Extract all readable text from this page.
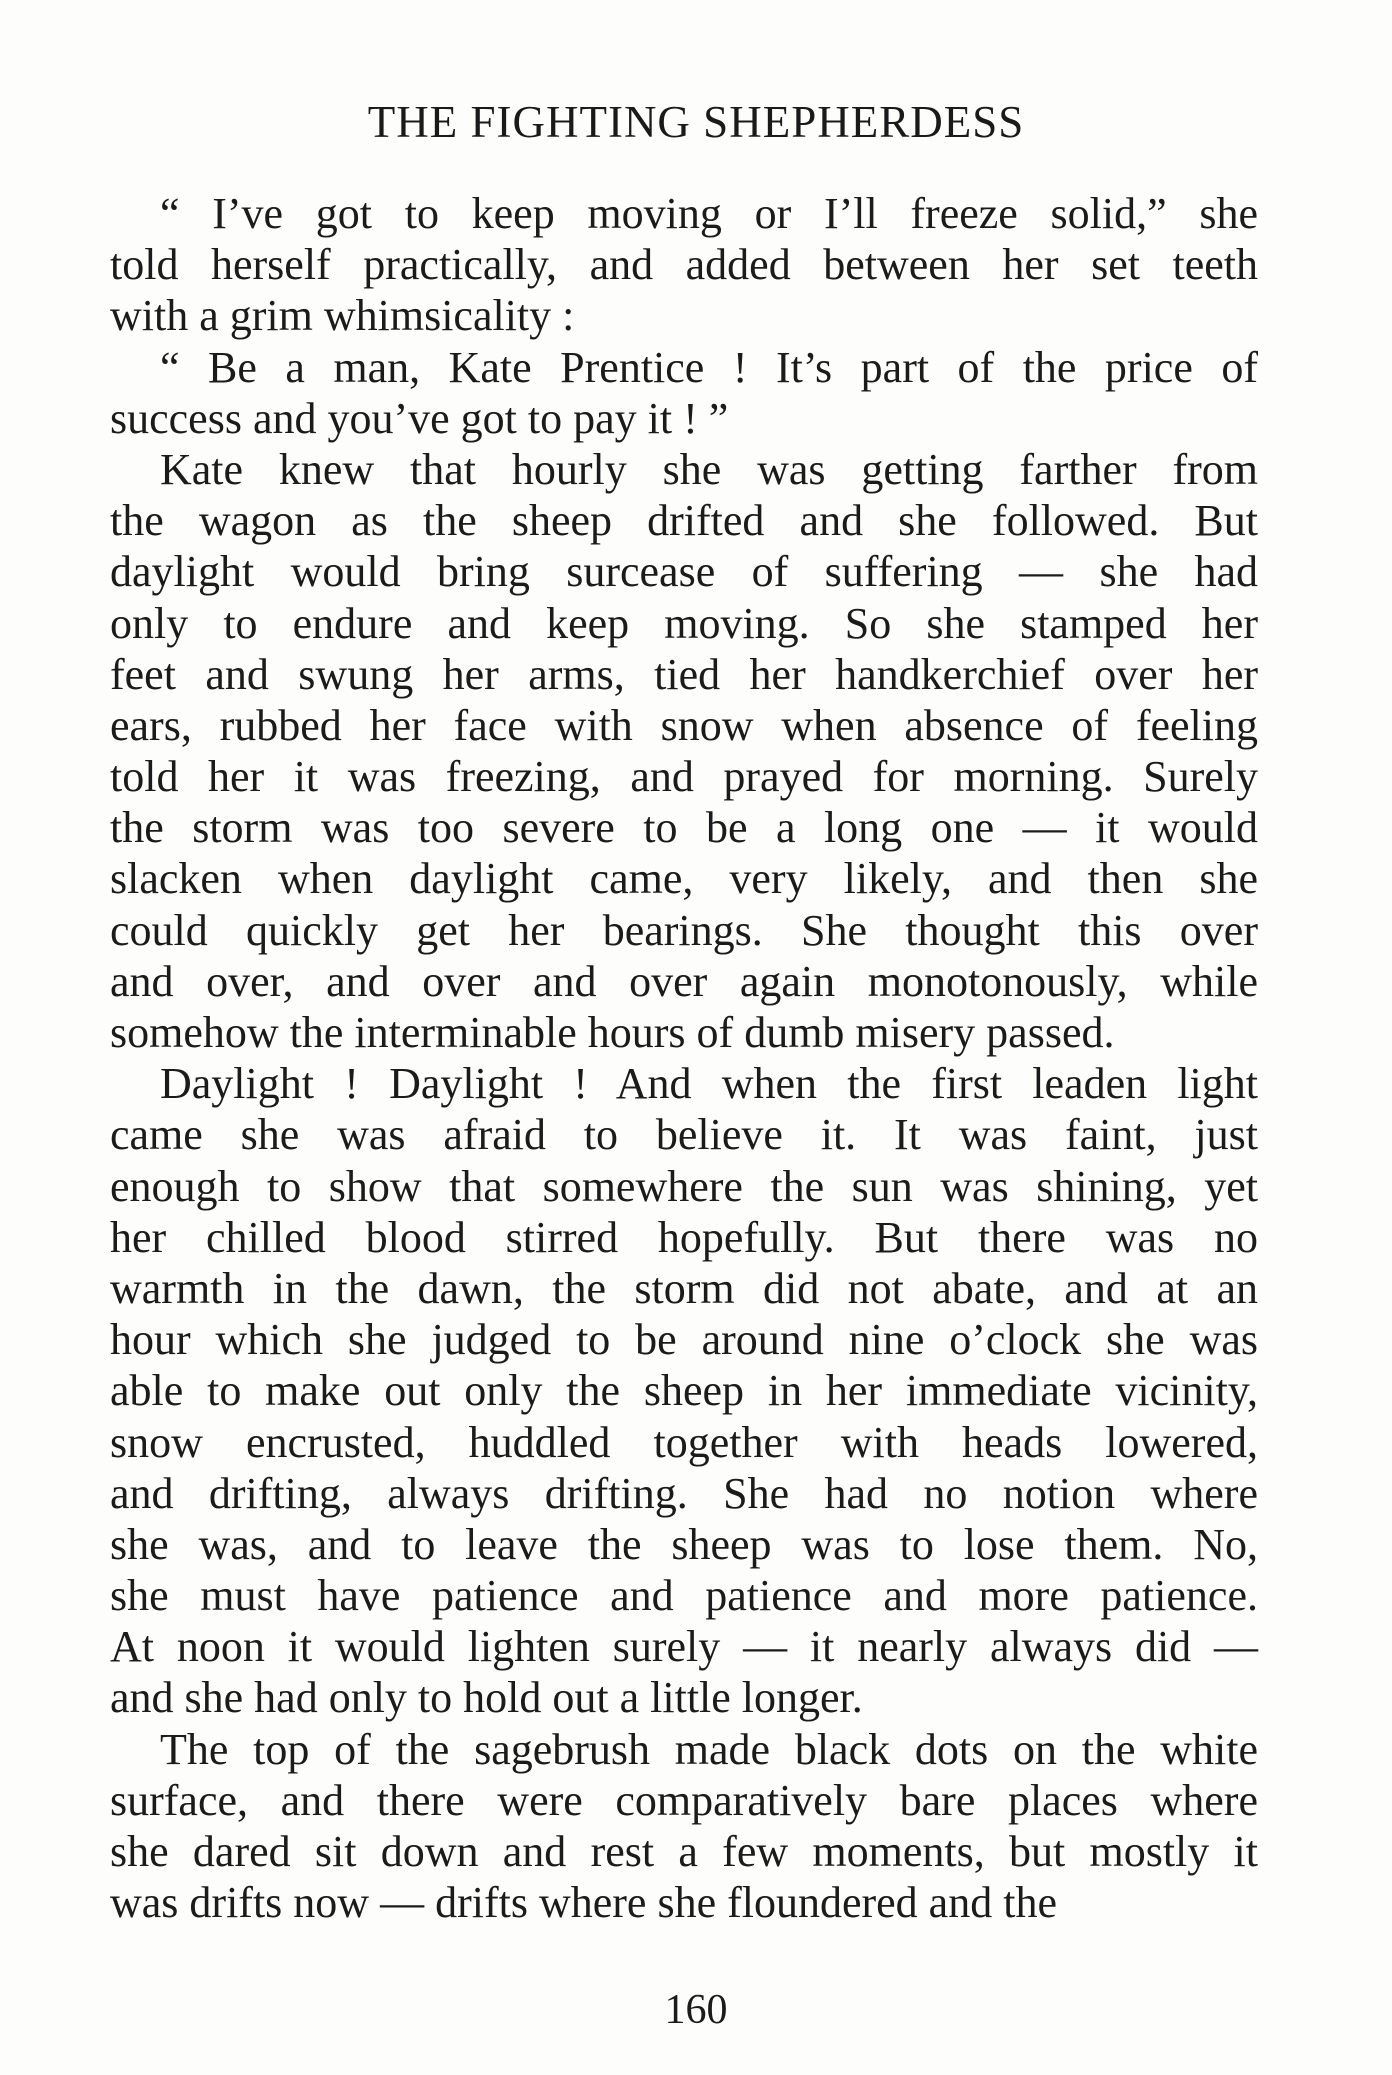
THE FIGHTING SHEPHERDESS
“ I’ve got to keep moving or I’ll freeze solid,” she
told herself practically, and added between her set teeth
with a grim whimsicality :
“ Be a man, Kate Prentice ! It’s part of the price of
success and you’ve got to pay it ! ”
Kate knew that hourly she was getting farther from
the wagon as the sheep drifted and she followed. But
daylight would bring surcease of suffering — she had
only to endure and keep moving. So she stamped her
feet and swung her arms, tied her handkerchief over her
ears, rubbed her face with snow when absence of feeling
told her it was freezing, and prayed for morning. Surely
the storm was too severe to be a long one — it would
slacken when daylight came, very likely, and then she
could quickly get her bearings. She thought this over
and over, and over and over again monotonously, while
somehow the interminable hours of dumb misery passed.
Daylight ! Daylight ! And when the first leaden light
came she was afraid to believe it. It was faint, just
enough to show that somewhere the sun was shining, yet
her chilled blood stirred hopefully. But there was no
warmth in the dawn, the storm did not abate, and at an
hour which she judged to be around nine o’clock she was
able to make out only the sheep in her immediate vicinity,
snow encrusted, huddled together with heads lowered,
and drifting, always drifting. She had no notion where
she was, and to leave the sheep was to lose them. No,
she must have patience and patience and more patience.
At noon it would lighten surely — it nearly always did —
and she had only to hold out a little longer.
The top of the sagebrush made black dots on the white
surface, and there were comparatively bare places where
she dared sit down and rest a few moments, but mostly it
was drifts now — drifts where she floundered and the
160
